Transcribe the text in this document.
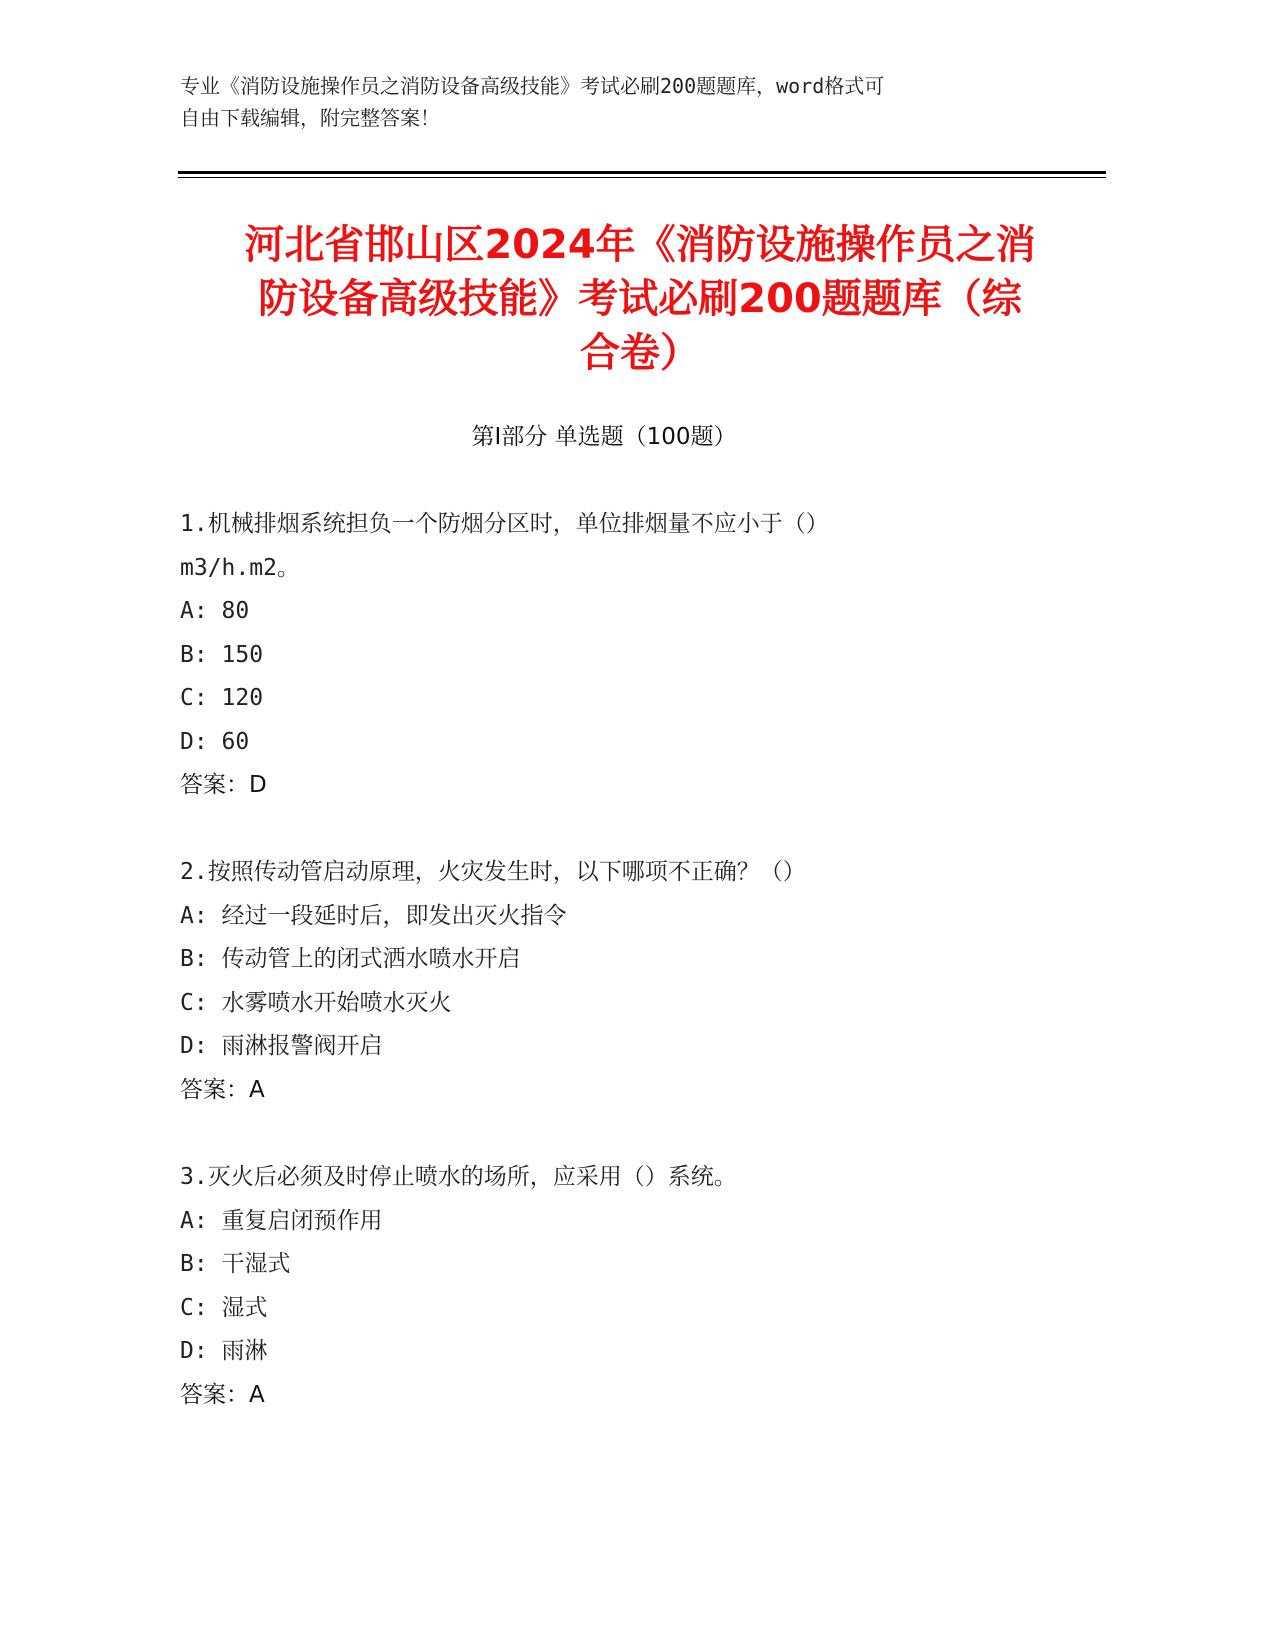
专业《消防设施操作员之消防设备高级技能》考试必刷200题题库，word格式可
自由下载编辑，附完整答案！
河北省邯山区2024年《消防设施操作员之消
防设备高级技能》考试必刷200题题库（综
合卷）
第Ⅰ部分 单选题（100题）
1.机械排烟系统担负一个防烟分区时，单位排烟量不应小于（）
m3/h.m2。
A: 80
B: 150
C: 120
D: 60
答案：D
2.按照传动管启动原理，火灾发生时，以下哪项不正确？（）
A: 经过一段延时后，即发出灭火指令
B: 传动管上的闭式洒水喷水开启
C: 水雾喷水开始喷水灭火
D: 雨淋报警阀开启
答案：A
3.灭火后必须及时停止喷水的场所，应采用（）系统。
A: 重复启闭预作用
B: 干湿式
C: 湿式
D: 雨淋
答案：A
